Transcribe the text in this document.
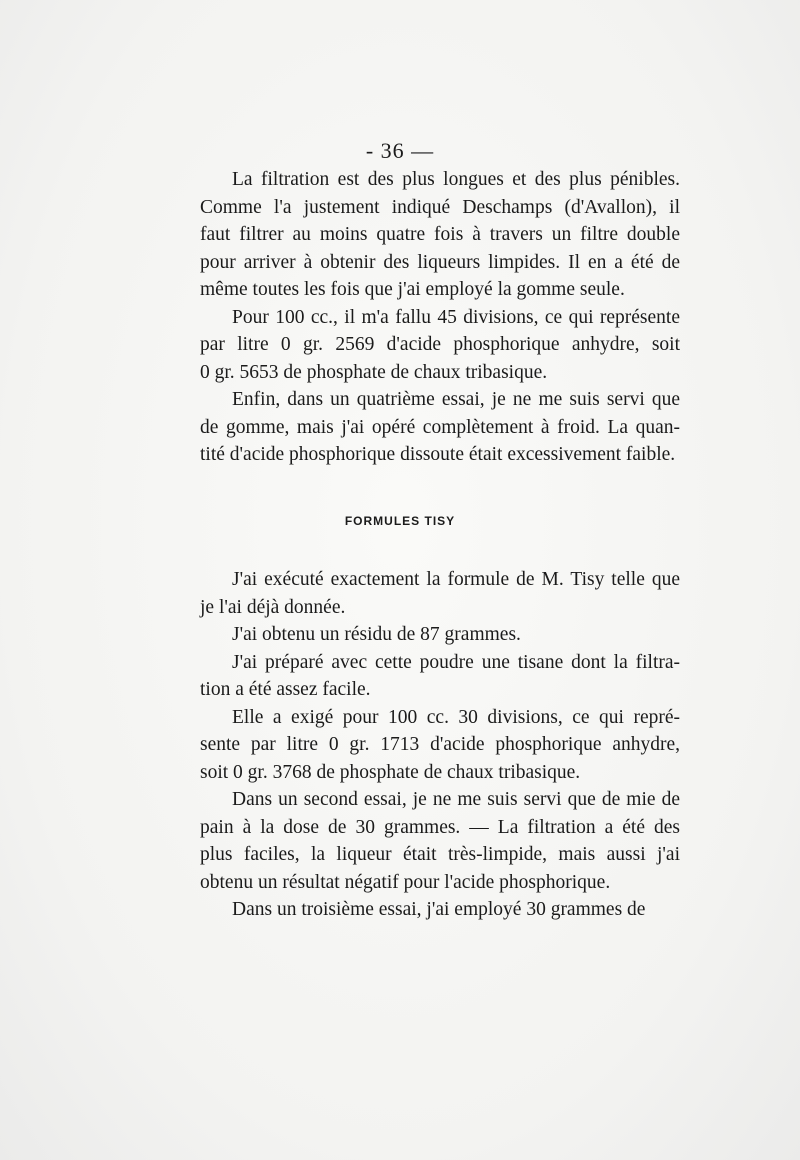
- 36 —

La filtration est des plus longues et des plus pénibles.
Comme l'a justement indiqué Deschamps (d'Avallon), il
faut filtrer au moins quatre fois à travers un filtre double
pour arriver à obtenir des liqueurs limpides. Il en a été de
même toutes les fois que j'ai employé la gomme seule.

Pour 100 cc., il m'a fallu 45 divisions, ce qui représente
par litre 0 gr. 2569 d'acide phosphorique anhydre, soit
0 gr. 5653 de phosphate de chaux tribasique.

Enfin, dans un quatrième essai, je ne me suis servi que
de gomme, mais j'ai opéré complètement à froid. La quan-
tité d'acide phosphorique dissoute était excessivement faible.

FORMULES TISY

J'ai exécuté exactement la formule de M. Tisy telle que
je l'ai déjà donnée.

J'ai obtenu un résidu de 87 grammes.

J'ai préparé avec cette poudre une tisane dont la filtra-
tion a été assez facile.

Elle a exigé pour 100 cc. 30 divisions, ce qui repré-
sente par litre 0 gr. 1713 d'acide phosphorique anhydre,
soit 0 gr. 3768 de phosphate de chaux tribasique.

Dans un second essai, je ne me suis servi que de mie de
pain à la dose de 30 grammes. — La filtration a été des
plus faciles, la liqueur était très-limpide, mais aussi j'ai
obtenu un résultat négatif pour l'acide phosphorique.

Dans un troisième essai, j'ai employé 30 grammes de
